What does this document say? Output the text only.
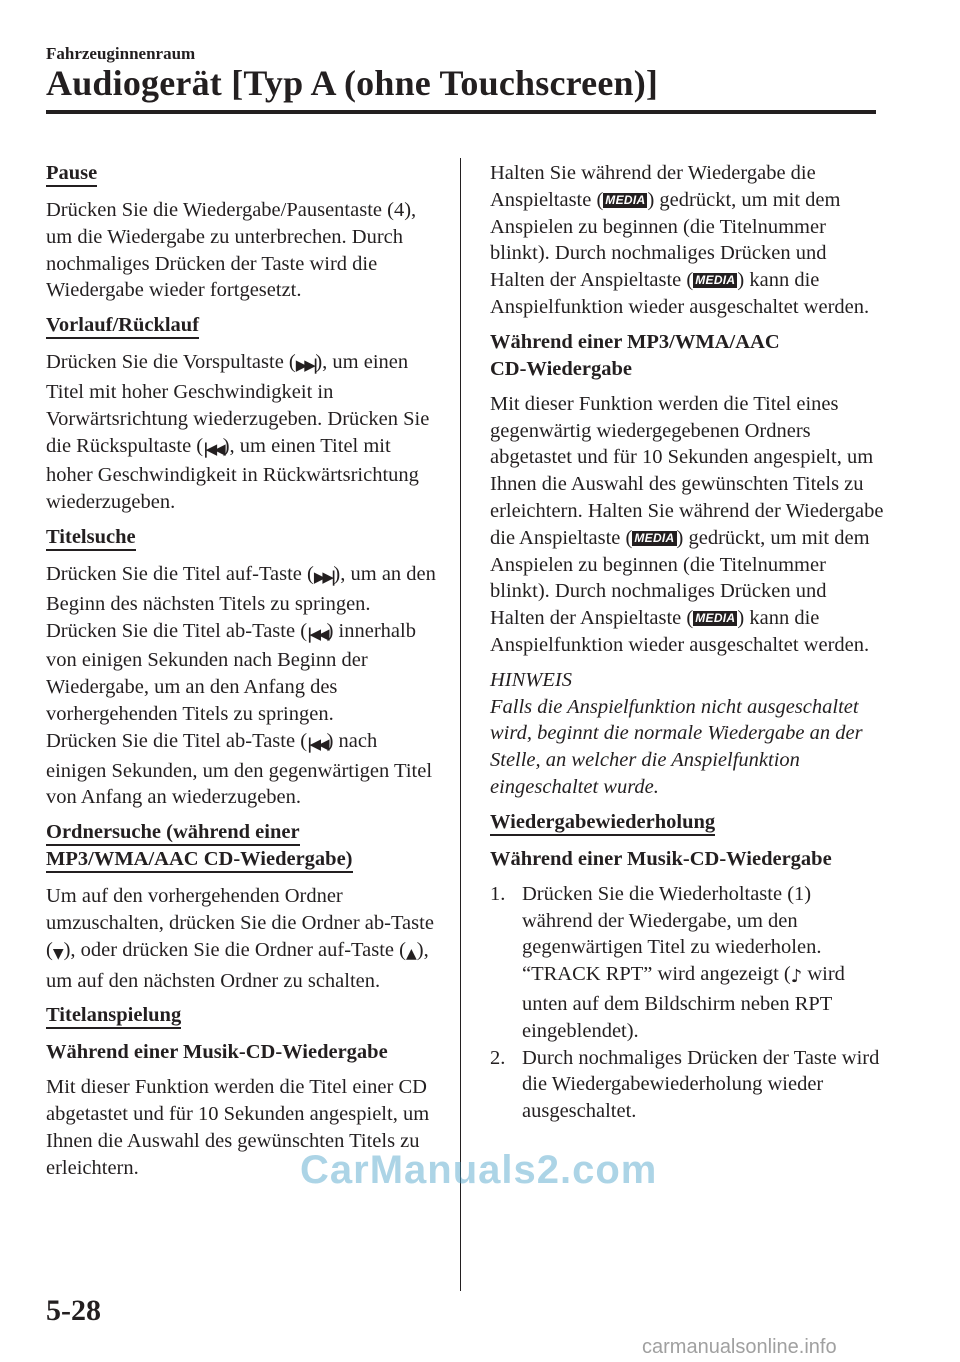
Fahrzeuginnenraum
Audiogerät [Typ A (ohne Touchscreen)]
Pause

Drücken Sie die Wiedergabe/Pausentaste (4), um die Wiedergabe zu unterbrechen. Durch nochmaliges Drücken der Taste wird die Wiedergabe wieder fortgesetzt.

Vorlauf/Rücklauf

Drücken Sie die Vorspultaste (▶▶|), um einen Titel mit hoher Geschwindigkeit in Vorwärtsrichtung wiederzugeben. Drücken Sie die Rückspultaste (|◀◀), um einen Titel mit hoher Geschwindigkeit in Rückwärtsrichtung wiederzugeben.

Titelsuche

Drücken Sie die Titel auf-Taste (▶▶|), um an den Beginn des nächsten Titels zu springen.

Drücken Sie die Titel ab-Taste (|◀◀) innerhalb von einigen Sekunden nach Beginn der Wiedergabe, um an den Anfang des vorhergehenden Titels zu springen.

Drücken Sie die Titel ab-Taste (|◀◀) nach einigen Sekunden, um den gegenwärtigen Titel von Anfang an wiederzugeben.

Ordnersuche (während einer
MP3/WMA/AAC CD-Wiedergabe)

Um auf den vorhergehenden Ordner umzuschalten, drücken Sie die Ordner ab-Taste (▼), oder drücken Sie die Ordner auf-Taste (▲), um auf den nächsten Ordner zu schalten.

Titelanspielung
Während einer Musik-CD-Wiedergabe

Mit dieser Funktion werden die Titel einer CD abgetastet und für 10 Sekunden angespielt, um Ihnen die Auswahl des gewünschten Titels zu erleichtern.

Halten Sie während der Wiedergabe die Anspieltaste ( MEDIA) gedrückt, um mit dem Anspielen zu beginnen (die Titelnummer blinkt). Durch nochmaliges Drücken und Halten der Anspieltaste ( MEDIA) kann die Anspielfunktion wieder ausgeschaltet werden.

Während einer MP3/WMA/AAC
CD-Wiedergabe

Mit dieser Funktion werden die Titel eines gegenwärtig wiedergegebenen Ordners abgetastet und für 10 Sekunden angespielt, um Ihnen die Auswahl des gewünschten Titels zu erleichtern. Halten Sie während der Wiedergabe die Anspieltaste ( MEDIA) gedrückt, um mit dem Anspielen zu beginnen (die Titelnummer blinkt). Durch nochmaliges Drücken und Halten der Anspieltaste ( MEDIA) kann die Anspielfunktion wieder ausgeschaltet werden.

HINWEIS

Falls die Anspielfunktion nicht ausgeschaltet wird, beginnt die normale Wiedergabe an der Stelle, an welcher die Anspielfunktion eingeschaltet wurde.

Wiedergabewiederholung
Während einer Musik-CD-Wiedergabe
1. Drücken Sie die Wiederholtaste (1) während der Wiedergabe, um den gegenwärtigen Titel zu wiederholen. “TRACK RPT” wird angezeigt (♪ wird unten auf dem Bildschirm neben RPT eingeblendet).
2. Durch nochmaliges Drücken der Taste wird die Wiedergabewiederholung wieder ausgeschaltet.
CarManuals2.com
5-28
carmanualsonline.info
